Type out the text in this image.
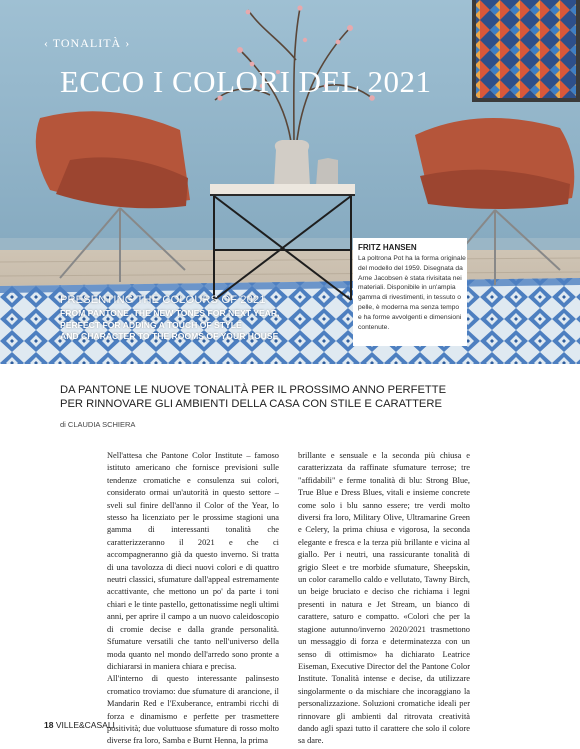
‹ TONALITÀ ›
ECCO I COLORI DEL 2021
PRESENTING THE COLOURS OF 2021
FROM PANTONE, THE NEW TONES FOR NEXT YEAR,
PERFECT FOR ADDING A TOUCH OF STYLE
AND CHARACTER TO THE ROOMS OF YOUR HOUSE
FRITZ HANSEN
La poltrona Pot ha la forma originale
del modello del 1959. Disegnata da
Arne Jacobsen è stata rivisitata nei
materiali. Disponibile in un'ampia
gamma di rivestimenti, in tessuto o
pelle, è moderna ma senza tempo
e ha forme avvolgenti e dimensioni
contenute.
DA PANTONE LE NUOVE TONALITÀ PER IL PROSSIMO ANNO PERFETTE
PER RINNOVARE GLI AMBIENTI DELLA CASA CON STILE E CARATTERE
di CLAUDIA SCHIERA

Nell'attesa che Pantone Color Institute – famoso istituto americano che fornisce previsioni sulle tendenze cromatiche e consulenza sui colori, considerato ormai un'autorità in questo settore – sveli sul finire dell'anno il Color of the Year, lo stesso ha licenziato per le prossime stagioni una gamma di interessanti tonalità che caratterizzeranno il 2021 e che ci accompagneranno già da questo inverno. Si tratta di una tavolozza di dieci nuovi colori e di quattro neutri classici, sfumature dall'appeal estremamente accattivante, che mettono un po' da parte i toni chiari e le tinte pastello, gettonatissime negli ultimi anni, per aprire il campo a un nuovo caleidoscopio di cromie decise e dalla grande personalità. Sfumature versatili che tanto nell'universo della moda quanto nel mondo dell'arredo sono pronte a dichiararsi in maniera chiara e precisa.

All'interno di questo interessante palinsesto cromatico troviamo: due sfumature di arancione, il Mandarin Red e l'Exuberance, entrambi ricchi di forza e dinamismo e perfette per trasmettere positività; due voluttuose sfumature di rosso molto diverse fra loro, Samba e Burnt Henna, la prima

brillante e sensuale e la seconda più chiusa e caratterizzata da raffinate sfumature terrose; tre "affidabili" e ferme tonalità di blu: Strong Blue, True Blue e Dress Blues, vitali e insieme concrete come solo i blu sanno essere; tre verdi molto diversi fra loro, Military Olive, Ultramarine Green e Celery, la prima chiusa e vigorosa, la seconda elegante e fresca e la terza più brillante e vicina al giallo. Per i neutri, una rassicurante tonalità di grigio Sleet e tre morbide sfumature, Sheepskin, un color caramello caldo e vellutato, Tawny Birch, un beige bruciato e deciso che richiama i legni presenti in natura e Jet Stream, un bianco di carattere, saturo e compatto. «Colori che per la stagione autunno/inverno 2020/2021 trasmettono un messaggio di forza e determinatezza con un senso di ottimismo» ha dichiarato Leatrice Eiseman, Executive Director del the Pantone Color Institute. Tonalità intense e decise, da utilizzare singolarmente o da mischiare che incoraggiano la personalizzazione. Soluzioni cromatiche ideali per rinnovare gli ambienti dal ritrovata creatività dando agli spazi tutto il carattere che solo il colore sa dare.

18 VILLE&CASALI
